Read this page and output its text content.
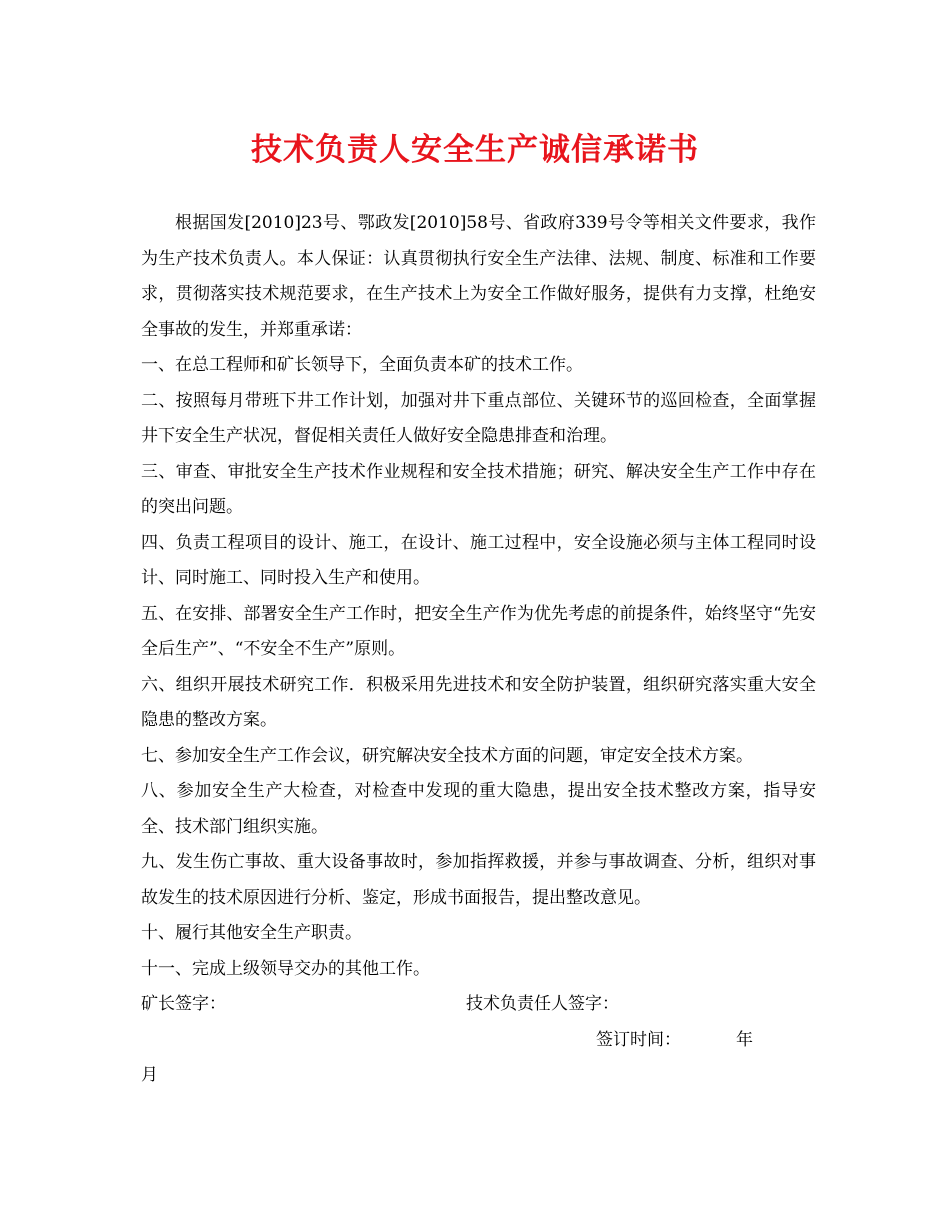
技术负责人安全生产诚信承诺书

根据国发[2010]23号、鄂政发[2010]58号、省政府339号令等相关文件要求，我作为生产技术负责人。本人保证：认真贯彻执行安全生产法律、法规、制度、标准和工作要求，贯彻落实技术规范要求，在生产技术上为安全工作做好服务，提供有力支撑，杜绝安全事故的发生，并郑重承诺：

一、在总工程师和矿长领导下，全面负责本矿的技术工作。

二、按照每月带班下井工作计划，加强对井下重点部位、关键环节的巡回检查，全面掌握井下安全生产状况，督促相关责任人做好安全隐患排查和治理。

三、审查、审批安全生产技术作业规程和安全技术措施；研究、解决安全生产工作中存在的突出问题。

四、负责工程项目的设计、施工，在设计、施工过程中，安全设施必须与主体工程同时设计、同时施工、同时投入生产和使用。

五、在安排、部署安全生产工作时，把安全生产作为优先考虑的前提条件，始终坚守“先安全后生产”、“不安全不生产”原则。

六、组织开展技术研究工作．积极采用先进技术和安全防护装置，组织研究落实重大安全隐患的整改方案。

七、参加安全生产工作会议，研究解决安全技术方面的问题，审定安全技术方案。

八、参加安全生产大检查，对检查中发现的重大隐患，提出安全技术整改方案，指导安全、技术部门组织实施。

九、发生伤亡事故、重大设备事故时，参加指挥救援，并参与事故调查、分析，组织对事故发生的技术原因进行分析、鉴定，形成书面报告，提出整改意见。

十、履行其他安全生产职责。

十一、完成上级领导交办的其他工作。

矿长签字：	技术负责任人签字：
签订时间：	年
月
